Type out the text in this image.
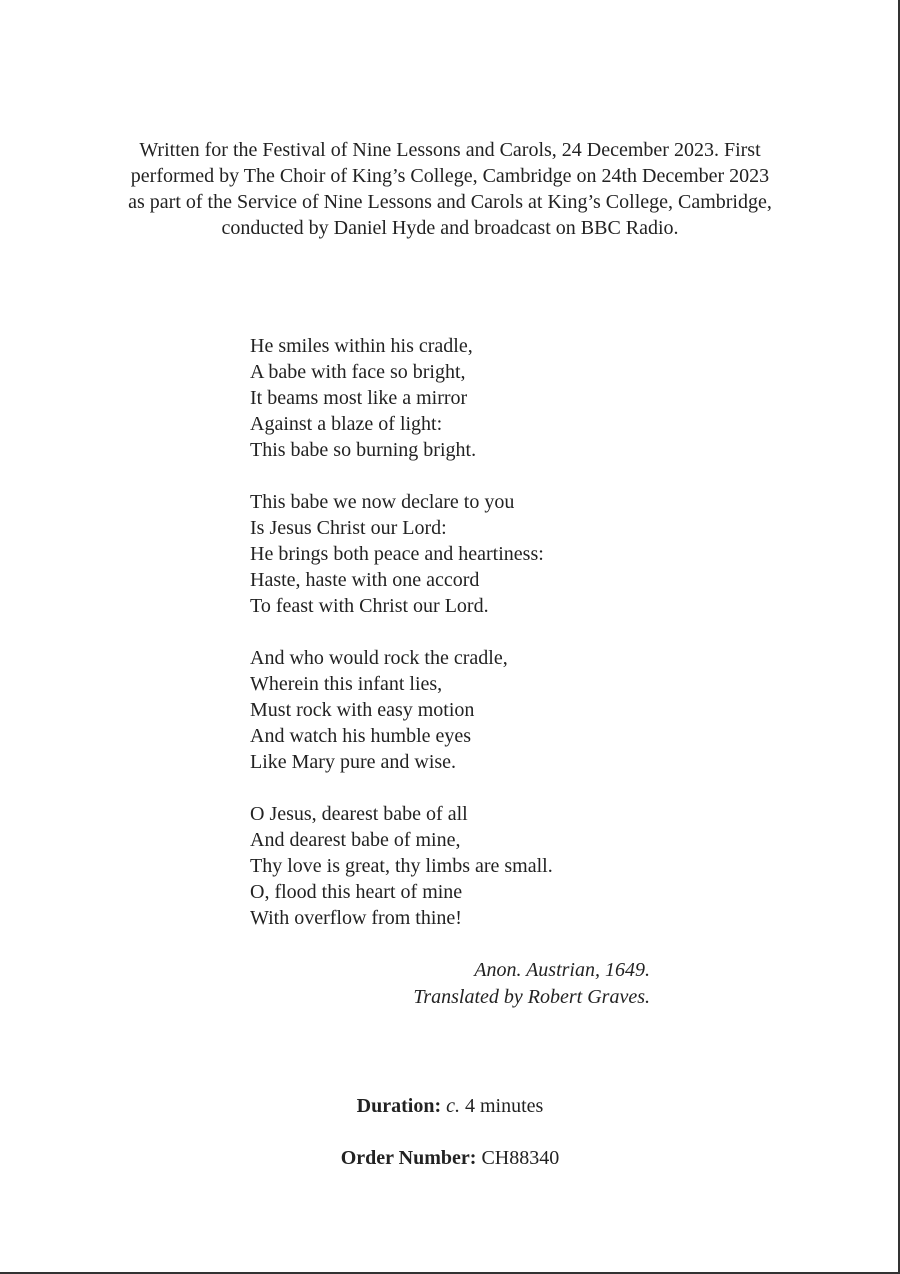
Written for the Festival of Nine Lessons and Carols, 24 December 2023. First
performed by The Choir of King’s College, Cambridge on 24th December 2023
as part of the Service of Nine Lessons and Carols at King’s College, Cambridge,
conducted by Daniel Hyde and broadcast on BBC Radio.
He smiles within his cradle,
A babe with face so bright,
It beams most like a mirror
Against a blaze of light:
This babe so burning bright.
This babe we now declare to you
Is Jesus Christ our Lord:
He brings both peace and heartiness:
Haste, haste with one accord
To feast with Christ our Lord.
And who would rock the cradle,
Wherein this infant lies,
Must rock with easy motion
And watch his humble eyes
Like Mary pure and wise.
O Jesus, dearest babe of all
And dearest babe of mine,
Thy love is great, thy limbs are small.
O, flood this heart of mine
With overflow from thine!
Anon. Austrian, 1649.
Translated by Robert Graves.
Duration: c. 4 minutes
Order Number: CH88340
